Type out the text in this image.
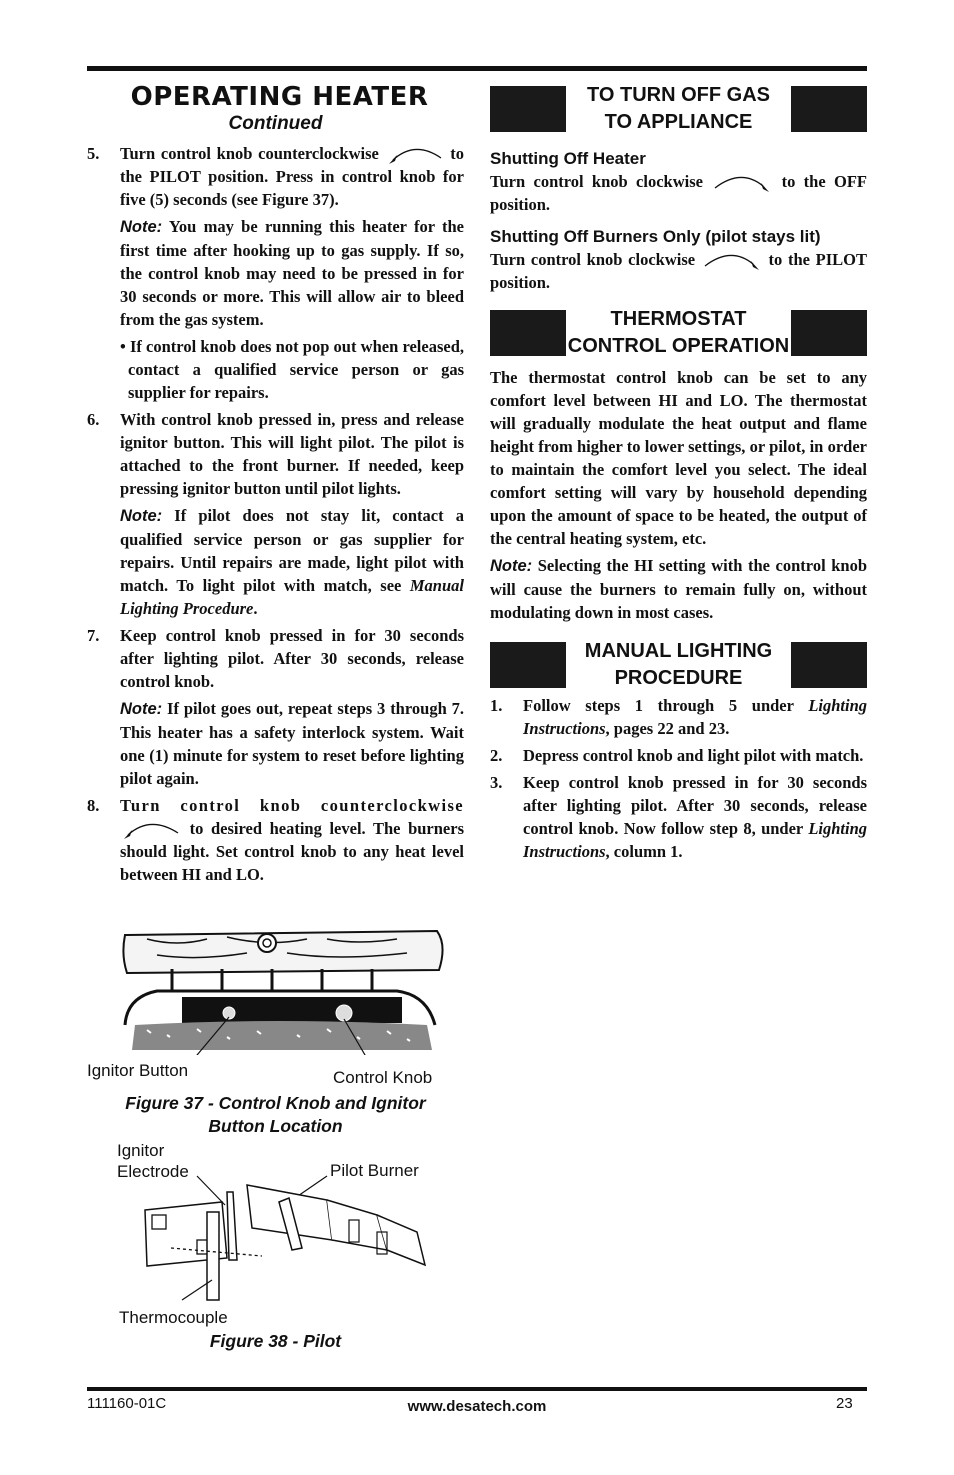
OPERATING HEATER
Continued
5. Turn control knob counterclockwise	to the PILOT position. Press in control knob for five (5) seconds (see Figure 37).
Note: You may be running this heater for the first time after hooking up to gas supply. If so, the control knob may need to be pressed in for 30 seconds or more. This will allow air to bleed from the gas system.
• If control knob does not pop out when released, contact a qualified service person or gas supplier for repairs.
6. With control knob pressed in, press and release ignitor button. This will light pilot. The pilot is attached to the front burner. If needed, keep pressing ignitor button until pilot lights.
Note: If pilot does not stay lit, contact a qualified service person or gas supplier for repairs. Until repairs are made, light pilot with match. To light pilot with match, see Manual Lighting Procedure.
7. Keep control knob pressed in for 30 seconds after lighting pilot. After 30 seconds, release control knob.
Note: If pilot goes out, repeat steps 3 through 7. This heater has a safety interlock system. Wait one (1) minute for system to reset before lighting pilot again.
8. Turn control knob counterclockwise  to desired heating level. The burners should light. Set control knob to any heat level between HI and LO.
Ignitor Button	Control Knob
Figure 37 - Control Knob and Ignitor
Button Location
Ignitor
Electrode	Pilot Burner
Thermocouple
Figure 38 - Pilot
TO TURN OFF GAS
TO APPLIANCE
Shutting Off Heater
Turn control knob clockwise	to the OFF position.
Shutting Off Burners Only (pilot stays lit)
Turn control knob clockwise	to the PILOT position.
THERMOSTAT
CONTROL OPERATION
The thermostat control knob can be set to any comfort level between HI and LO. The thermostat will gradually modulate the heat output and flame height from higher to lower settings, or pilot, in order to maintain the comfort level you select. The ideal comfort setting will vary by household depending upon the amount of space to be heated, the output of the central heating system, etc.
Note: Selecting the HI setting with the control knob will cause the burners to remain fully on, without modulating down in most cases.
MANUAL LIGHTING
PROCEDURE
1. Follow steps 1 through 5 under Lighting Instructions, pages 22 and 23.
2. Depress control knob and light pilot with match.
3. Keep control knob pressed in for 30 seconds after lighting pilot. After 30 seconds, release control knob. Now follow step 8, under Lighting Instructions, column 1.
111160-01C	www.desatech.com	23
